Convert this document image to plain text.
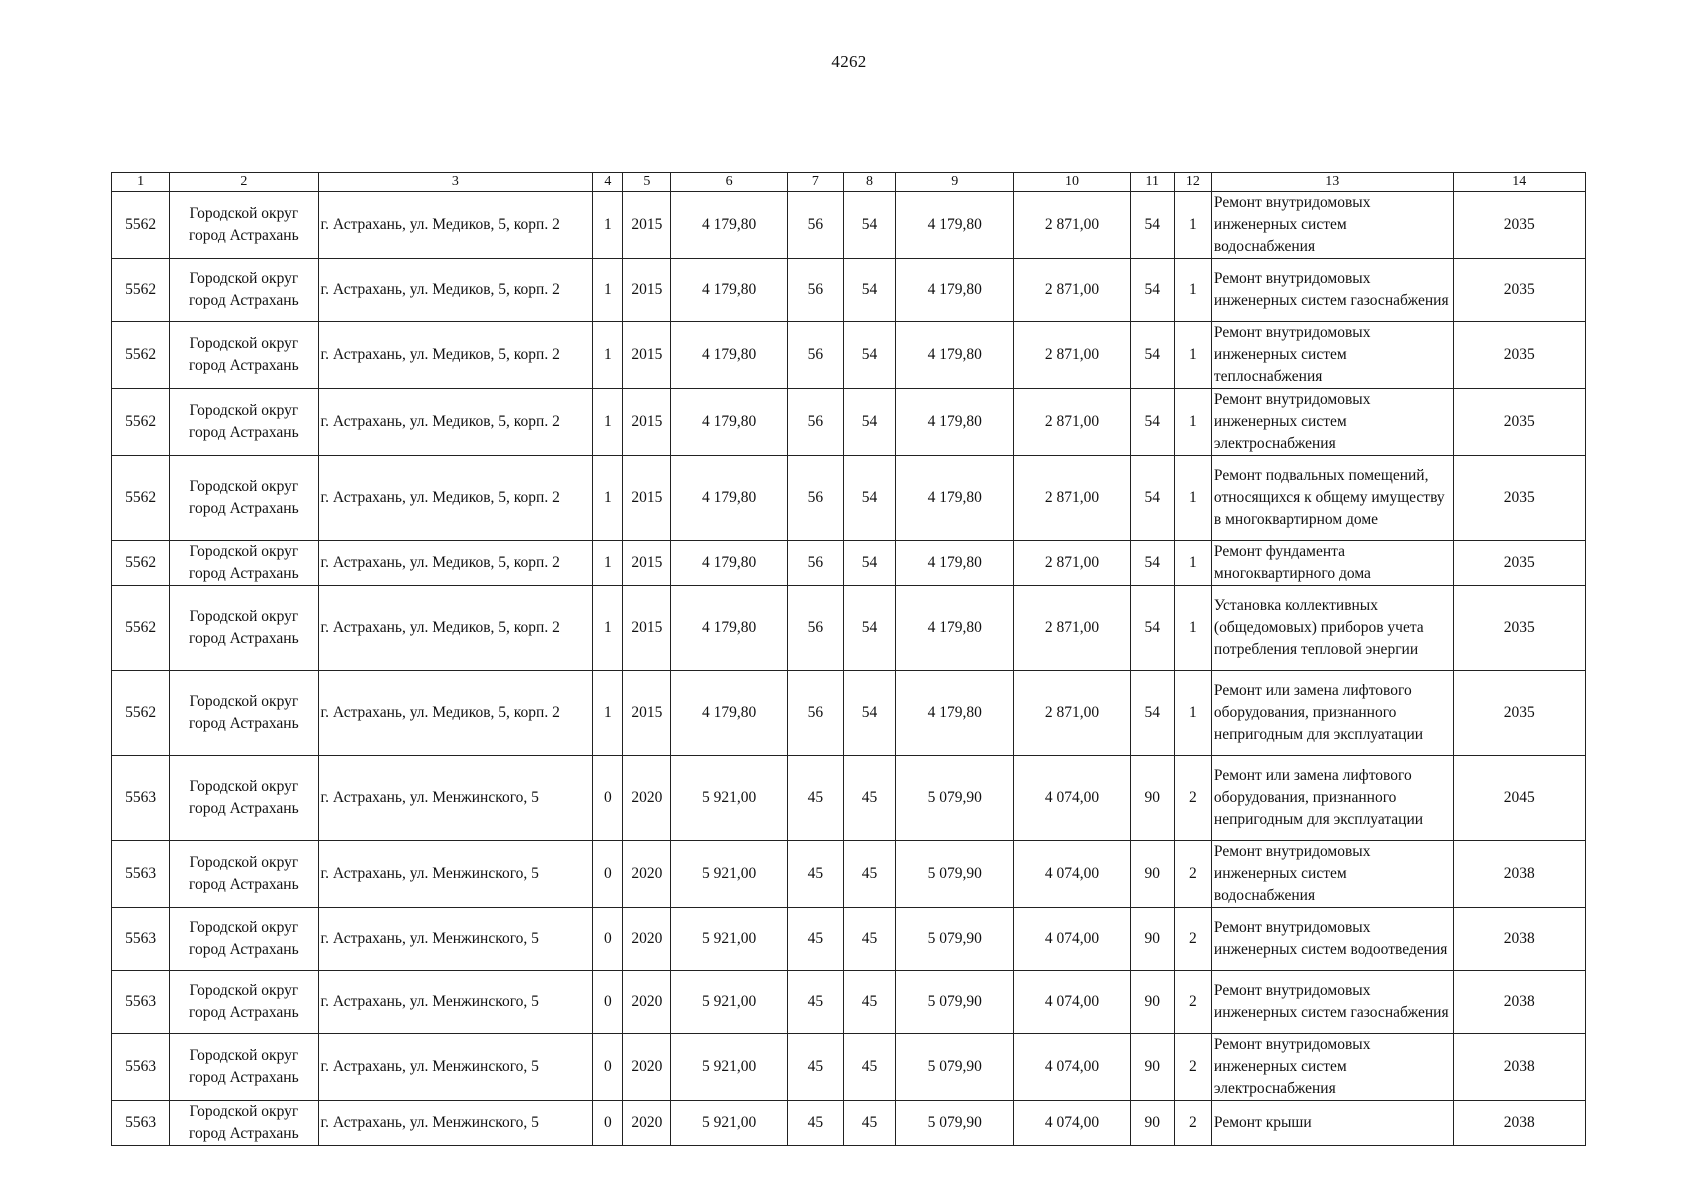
4262
1	2	3	4	5	6	7	8	9	10	11	12	13	14
5562	Городской округ город Астрахань	г. Астрахань, ул. Медиков, 5, корп. 2	1	2015	4 179,80	56	54	4 179,80	2 871,00	54	1	Ремонт внутридомовых инженерных систем водоснабжения	2035
5562	Городской округ город Астрахань	г. Астрахань, ул. Медиков, 5, корп. 2	1	2015	4 179,80	56	54	4 179,80	2 871,00	54	1	Ремонт внутридомовых инженерных систем газоснабжения	2035
5562	Городской округ город Астрахань	г. Астрахань, ул. Медиков, 5, корп. 2	1	2015	4 179,80	56	54	4 179,80	2 871,00	54	1	Ремонт внутридомовых инженерных систем теплоснабжения	2035
5562	Городской округ город Астрахань	г. Астрахань, ул. Медиков, 5, корп. 2	1	2015	4 179,80	56	54	4 179,80	2 871,00	54	1	Ремонт внутридомовых инженерных систем электроснабжения	2035
5562	Городской округ город Астрахань	г. Астрахань, ул. Медиков, 5, корп. 2	1	2015	4 179,80	56	54	4 179,80	2 871,00	54	1	Ремонт подвальных помещений, относящихся к общему имуществу в многоквартирном доме	2035
5562	Городской округ город Астрахань	г. Астрахань, ул. Медиков, 5, корп. 2	1	2015	4 179,80	56	54	4 179,80	2 871,00	54	1	Ремонт фундамента многоквартирного дома	2035
5562	Городской округ город Астрахань	г. Астрахань, ул. Медиков, 5, корп. 2	1	2015	4 179,80	56	54	4 179,80	2 871,00	54	1	Установка коллективных (общедомовых) приборов учета потребления тепловой энергии	2035
5562	Городской округ город Астрахань	г. Астрахань, ул. Медиков, 5, корп. 2	1	2015	4 179,80	56	54	4 179,80	2 871,00	54	1	Ремонт или замена лифтового оборудования, признанного непригодным для эксплуатации	2035
5563	Городской округ город Астрахань	г. Астрахань, ул. Менжинского, 5	0	2020	5 921,00	45	45	5 079,90	4 074,00	90	2	Ремонт или замена лифтового оборудования, признанного непригодным для эксплуатации	2045
5563	Городской округ город Астрахань	г. Астрахань, ул. Менжинского, 5	0	2020	5 921,00	45	45	5 079,90	4 074,00	90	2	Ремонт внутридомовых инженерных систем водоснабжения	2038
5563	Городской округ город Астрахань	г. Астрахань, ул. Менжинского, 5	0	2020	5 921,00	45	45	5 079,90	4 074,00	90	2	Ремонт внутридомовых инженерных систем водоотведения	2038
5563	Городской округ город Астрахань	г. Астрахань, ул. Менжинского, 5	0	2020	5 921,00	45	45	5 079,90	4 074,00	90	2	Ремонт внутридомовых инженерных систем газоснабжения	2038
5563	Городской округ город Астрахань	г. Астрахань, ул. Менжинского, 5	0	2020	5 921,00	45	45	5 079,90	4 074,00	90	2	Ремонт внутридомовых инженерных систем электроснабжения	2038
5563	Городской округ город Астрахань	г. Астрахань, ул. Менжинского, 5	0	2020	5 921,00	45	45	5 079,90	4 074,00	90	2	Ремонт крыши	2038
